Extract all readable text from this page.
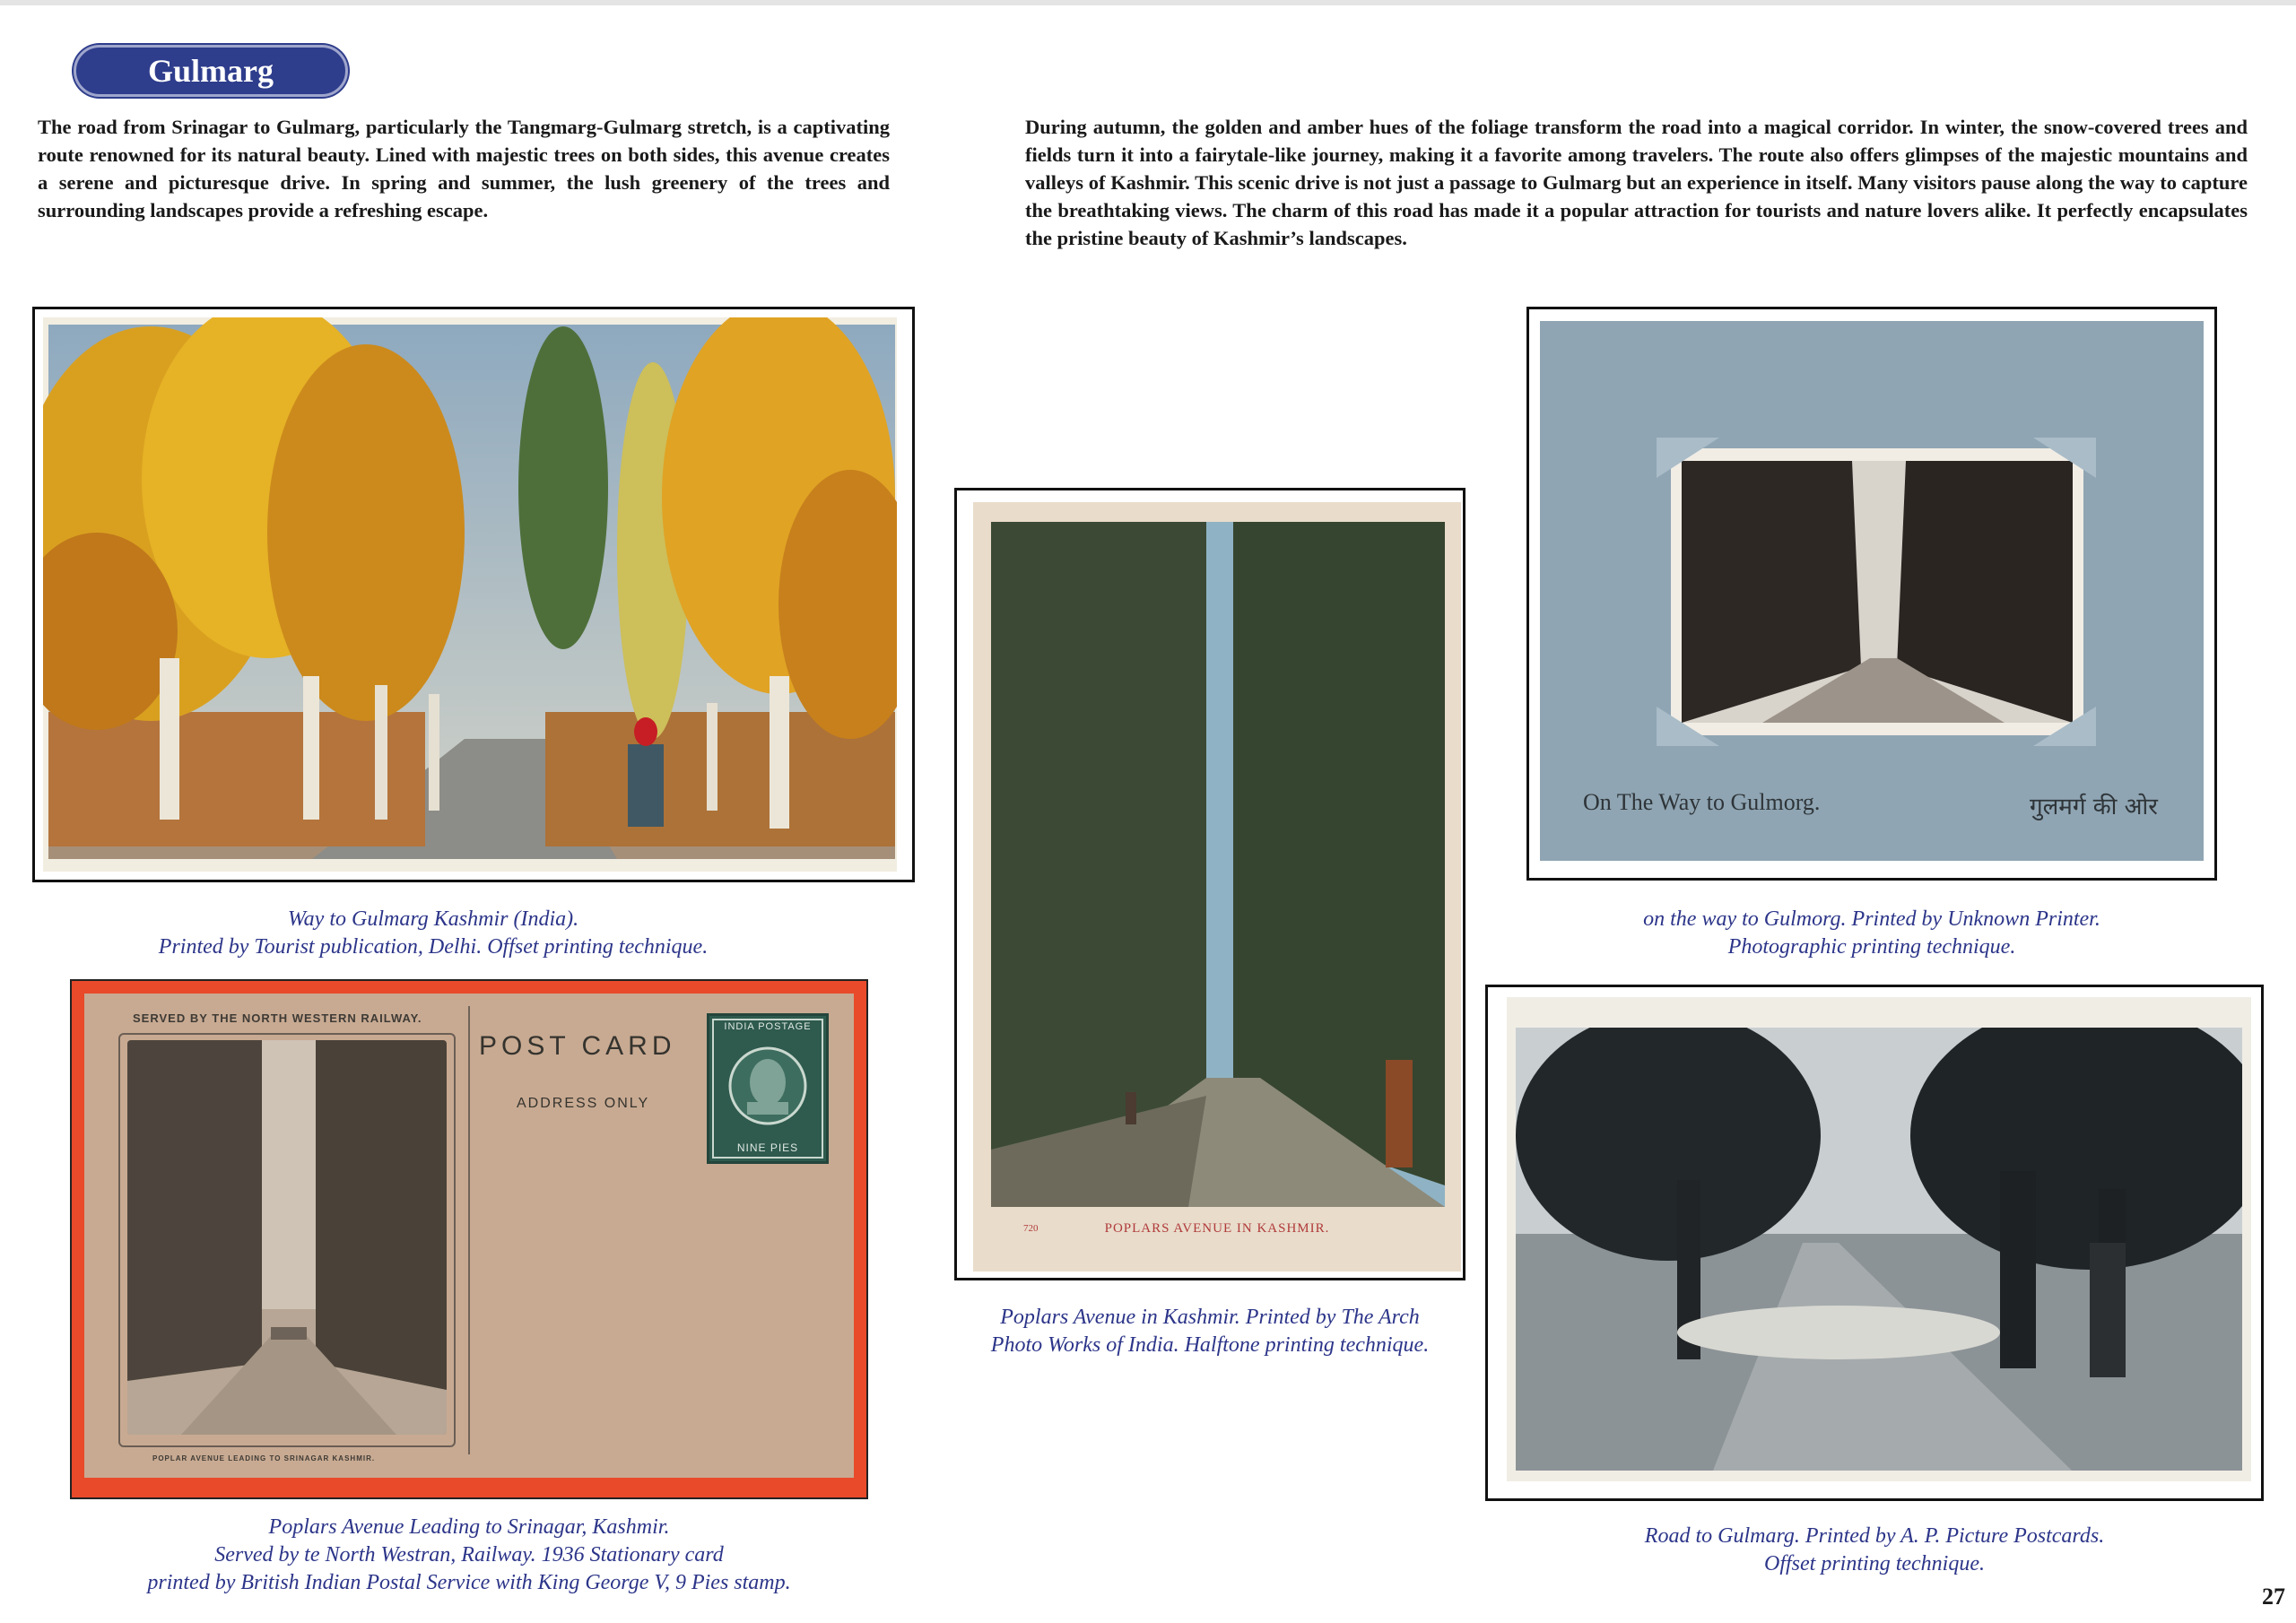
Gulmarg

The road from Srinagar to Gulmarg, particularly the Tangmarg-Gulmarg stretch, is a captivating route renowned for its natural beauty. Lined with majestic trees on both sides, this avenue creates a serene and picturesque drive. In spring and summer, the lush greenery of the trees and surrounding landscapes provide a refreshing escape.

During autumn, the golden and amber hues of the foliage transform the road into a magical corridor. In winter, the snow-covered trees and fields turn it into a fairytale-like journey, making it a favorite among travelers. The route also offers glimpses of the majestic mountains and valleys of Kashmir. This scenic drive is not just a passage to Gulmarg but an experience in itself. Many visitors pause along the way to capture the breathtaking views. The charm of this road has made it a popular attraction for tourists and nature lovers alike. It perfectly encapsulates the pristine beauty of Kashmir’s landscapes.

Way to Gulmarg Kashmir (India).
Printed by Tourist publication, Delhi. Offset printing technique.
SERVED BY THE NORTH WESTERN RAILWAY.
POPLAR AVENUE LEADING TO SRINAGAR KASHMIR.
POST CARD
ADDRESS ONLY
INDIA POSTAGE
NINE PIES
Poplars Avenue Leading to Srinagar, Kashmir.
Served by te North Westran, Railway. 1936 Stationary card
printed by British Indian Postal Service with King George V, 9 Pies stamp.
720	POPLARS AVENUE IN KASHMIR.
Poplars Avenue in Kashmir. Printed by The Arch
Photo Works of India. Halftone printing technique.
On The Way to Gulmorg.	गुलमर्ग की ओर
on the way to Gulmorg. Printed by Unknown Printer.
Photographic printing technique.
Road to Gulmarg. Printed by A. P. Picture Postcards.
Offset printing technique.
27
